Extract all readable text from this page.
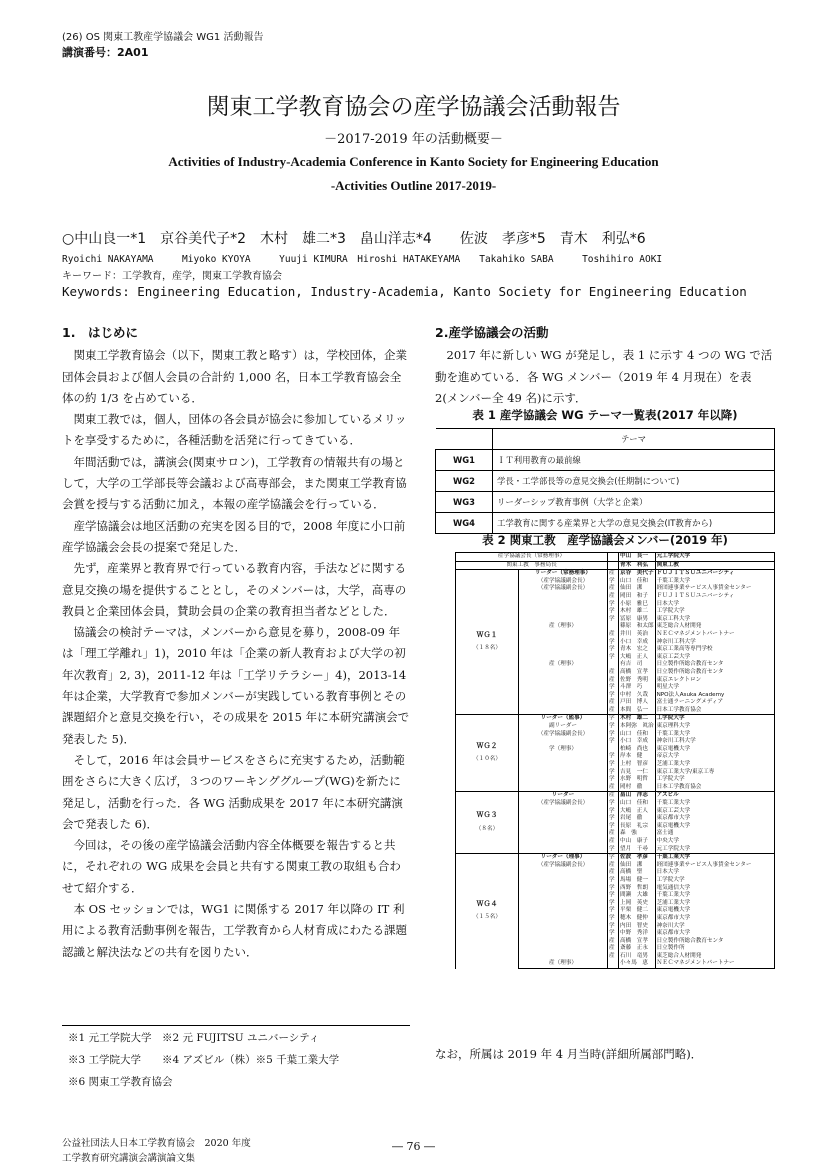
(26) OS 関東工教産学協議会 WG1 活動報告
講演番号：2A01
関東工学教育協会の産学協議会活動報告
－2017-2019 年の活動概要－
Activities of Industry-Academia Conference in Kanto Society for Engineering Education
-Activities Outline 2017-2019-
○中山良一*1　京谷美代子*2　木村　雄二*3　畠山洋志*4　　佐波　孝彦*5　青木　利弘*6
Ryoichi NAKAYAMA　　　Miyoko KYOYA　　　Yuuji KIMURA　Hiroshi HATAKEYAMA　　Takahiko SABA　　　Toshihiro AOKI
キーワード：工学教育，産学，関東工学教育協会
Keywords: Engineering Education, Industry-Academia, Kanto Society for Engineering Education

1.　はじめに

関東工学教育協会（以下，関東工教と略す）は，学校団体，企業団体会員および個人会員の合計約 1,000 名，日本工学教育協会全体の約 1/3 を占めている．

関東工教では，個人，団体の各会員が協会に参加しているメリットを享受するために，各種活動を活発に行ってきている．

年間活動では，講演会(関東サロン)，工学教育の情報共有の場として，大学の工学部長等会議および高専部会，また関東工学教育協会賞を授与する活動に加え，本報の産学協議会を行っている．

産学協議会は地区活動の充実を図る目的で，2008 年度に小口前産学協議会会長の提案で発足した．

先ず，産業界と教育界で行っている教育内容，手法などに関する意見交換の場を提供することとし，そのメンバーは，大学，高専の教員と企業団体会員，賛助会員の企業の教育担当者などとした．

協議会の検討テーマは，メンバーから意見を募り，2008-09 年は「理工学離れ」1)，2010 年は「企業の新人教育および大学の初年次教育」2, 3)，2011-12 年は「工学リテラシー」4)，2013-14 年は企業，大学教育で参加メンバーが実践している教育事例とその課題紹介と意見交換を行い，その成果を 2015 年に本研究講演会で発表した 5)．

そして，2016 年は会員サービスをさらに充実するため，活動範囲をさらに大きく広げ，３つのワーキンググループ(WG)を新たに発足し，活動を行った．各 WG 活動成果を 2017 年に本研究講演会で発表した 6)．

今回は，その後の産学協議会活動内容全体概要を報告すると共に，それぞれの WG 成果を会員と共有する関東工教の取組も合わせて紹介する．

本 OS セッションでは，WG1 に関係する 2017 年以降の IT 利用による教育活動事例を報告，工学教育から人材育成にわたる課題認識と解決法などの共有を図りたい．

※1 元工学院大学　※2 元 FUJITSU ユニバーシティ
※3 工学院大学　　※4 アズビル（株）※5 千葉工業大学
※6 関東工学教育協会

2.産学協議会の活動

2017 年に新しい WG が発足し，表 1 に示す 4 つの WG で活動を進めている．各 WG メンバー（2019 年 4 月現在）を表 2(メンバー全 49 名)に示す．

表 1 産学協議会 WG テーマ一覧表(2017 年以降)
	テーマ
WG1	ＩＴ利用教育の最前線
WG2	学長・工学部長等の意見交換会(任期制について)
WG3	リーダーシップ教育事例（大学と企業）
WG4	工学教育に関する産業界と大学の意見交換会(IT教育から)
表 2 関東工教　産学協議会メンバー(2019 年)
産学協議会長（常務理事）			中山　良一	元工学院大学
関東工教　事務局長			青木　利弘	関東工教

ＷＧ１
（１８名）	リーダー（常務理事）	産	京谷　美代子	ＦＵＪＩＴＳＵユニバーシティ
	（産学協議副会長）	学	山口　佳和	千葉工業大学
	（産学協議副会長）	産	仙田　潔	経団連事業サービス人事賃金センター
		産	岡田　和子	ＦＵＪＩＴＳＵユニバーシティ
		学	小原　雅巳	日本大学
		学	木村　雄二	工学院大学
		学	冨原　康男	東京工科大学
	産（理事）		篠原　和太郎	東芝総合人材開発
		産	井川　英治	ＮＥＣマネジメントパートナー
		学	小口　幸成	神奈川工科大学
		学	青木　宏之	東京工業高等専門学校
		学	大嶋　正人	東京工芸大学
	産（理事）		有吉　司	日立製作所総合教育センタ
		産	高橋　宣孝	日立製作所総合教育センタ
		産	佐野　秀明	東京エレクトロン
		学	斗澤　巧	明星大学
		学	中村　久哉	NPO法人Asuka Academy
		産	戸田　博人	富士通ラーニングメディア
		産	本間　弘一	日本工学教育協会

ＷＧ２
（１０名）	リーダー（監事）	学	木村　雄二	工学院大学
	副リーダー	学	本阿弥　眞治	東京理科大学
	（産学協議副会長）	学	山口　佳和	千葉工業大学
		学	小口　幸成	神奈川工科大学
	学（理事）		柏崎　尚也	東京電機大学
		学	岸本　健	帝京大学
		学	上村　智彦	芝浦工業大学
		学	吉見　一仁	東京工業大学/東京工専
		学	水野　明哲	工学院大学
		産	岡村　徹	日本工学教育協会

ＷＧ３
（８名）	リーダー	産	畠山　洋志	アズビル
	（産学協議副会長）	学	山口　佳和	千葉工業大学
		学	大嶋　正人	東京工芸大学
		学	岩尾　徹	東京都市大学
		学	長原　礼宗	東京電機大学
		産	森　強	富士通
		産	中山　康子	中央大学
		学	望月　千尋	元工学院大学

ＷＧ４
（１５名）	リーダー（理事）	学	佐波　孝彦	千葉工業大学
	（産学協議副会長）	産	仙田　潔	経団連事業サービス人事賃金センター
		産	高橋　聖	日本大学
		学	馬場　健一	工学院大学
		学	西野　哲朗	電気通信大学
		学	間瀬　大雄	千葉工業大学
		学	上岡　英史	芝浦工業大学
		学	平栗　健二	東京電機大学
		学	穂木　健仲	東京都市大学
		学	内田　智史	神奈川大学
		学	中野　秀洋	東京都市大学
		産	高橋　宣孝	日立製作所総合教育センタ
		産	斎藤　正永	日立製作所
		産	石川　竜男	東芝総合人材開発
	産（理事）		小々馬　恵	ＮＥＣマネジメントパートナー
なお，所属は 2019 年 4 月当時(詳細所属部門略)．
公益社団法人日本工学教育協会　2020 年度
工学教育研究講演会講演論文集
― 76 ―
